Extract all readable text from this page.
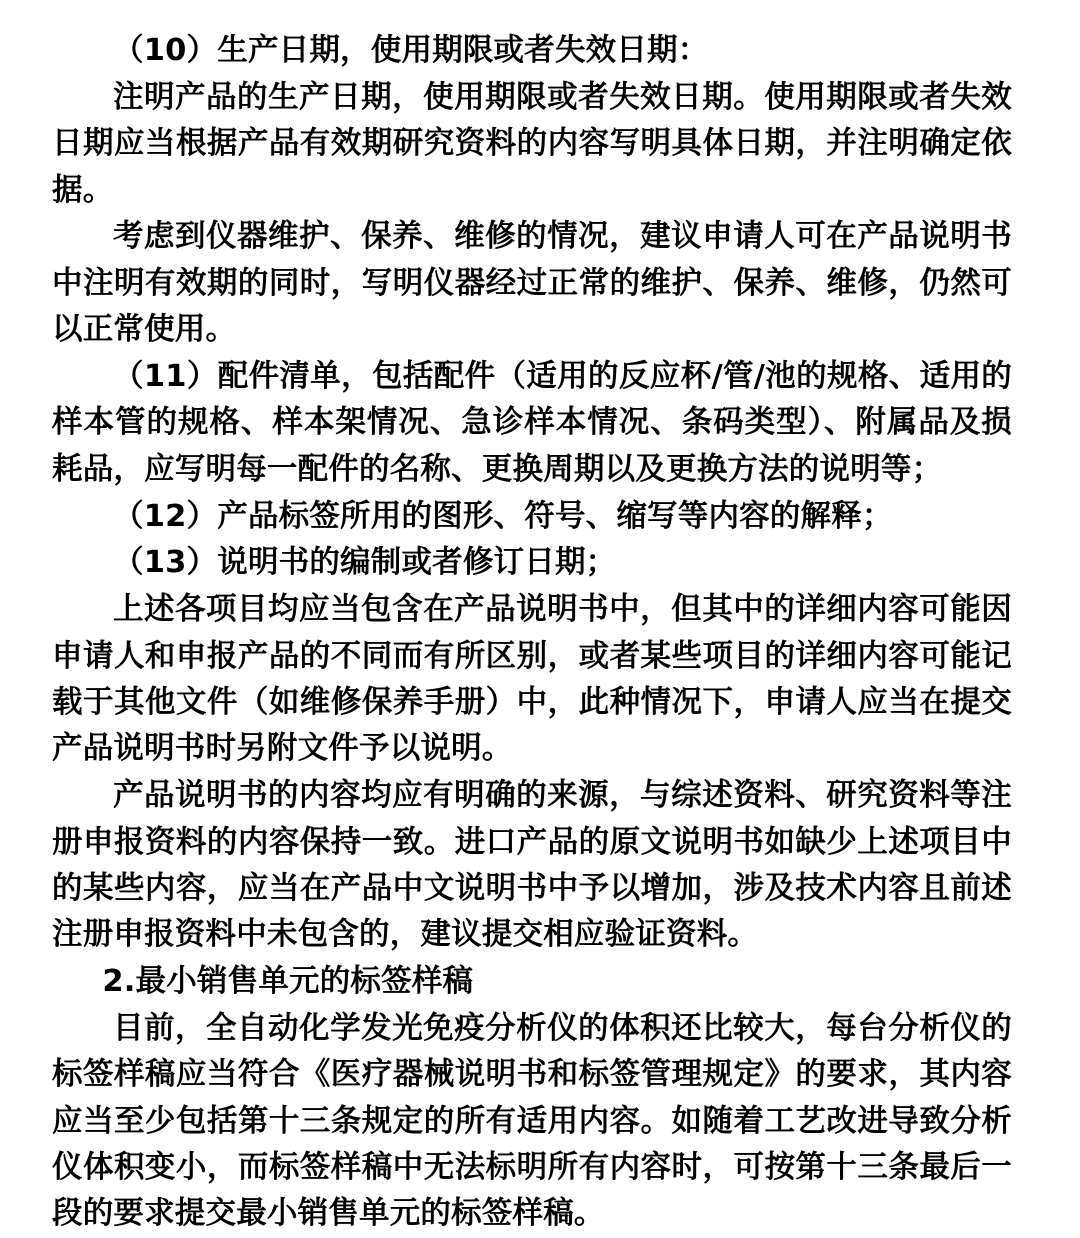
（10）生产日期，使用期限或者失效日期：

注明产品的生产日期，使用期限或者失效日期。使用期限或者失效日期应当根据产品有效期研究资料的内容写明具体日期，并注明确定依据。

考虑到仪器维护、保养、维修的情况，建议申请人可在产品说明书中注明有效期的同时，写明仪器经过正常的维护、保养、维修，仍然可以正常使用。

（11）配件清单，包括配件（适用的反应杯/管/池的规格、适用的样本管的规格、样本架情况、急诊样本情况、条码类型）、附属品及损耗品，应写明每一配件的名称、更换周期以及更换方法的说明等；

（12）产品标签所用的图形、符号、缩写等内容的解释；

（13）说明书的编制或者修订日期；

上述各项目均应当包含在产品说明书中，但其中的详细内容可能因申请人和申报产品的不同而有所区别，或者某些项目的详细内容可能记载于其他文件（如维修保养手册）中，此种情况下，申请人应当在提交产品说明书时另附文件予以说明。

产品说明书的内容均应有明确的来源，与综述资料、研究资料等注册申报资料的内容保持一致。进口产品的原文说明书如缺少上述项目中的某些内容，应当在产品中文说明书中予以增加，涉及技术内容且前述注册申报资料中未包含的，建议提交相应验证资料。

2.最小销售单元的标签样稿

目前，全自动化学发光免疫分析仪的体积还比较大，每台分析仪的标签样稿应当符合《医疗器械说明书和标签管理规定》的要求，其内容应当至少包括第十三条规定的所有适用内容。如随着工艺改进导致分析仪体积变小，而标签样稿中无法标明所有内容时，可按第十三条最后一段的要求提交最小销售单元的标签样稿。
